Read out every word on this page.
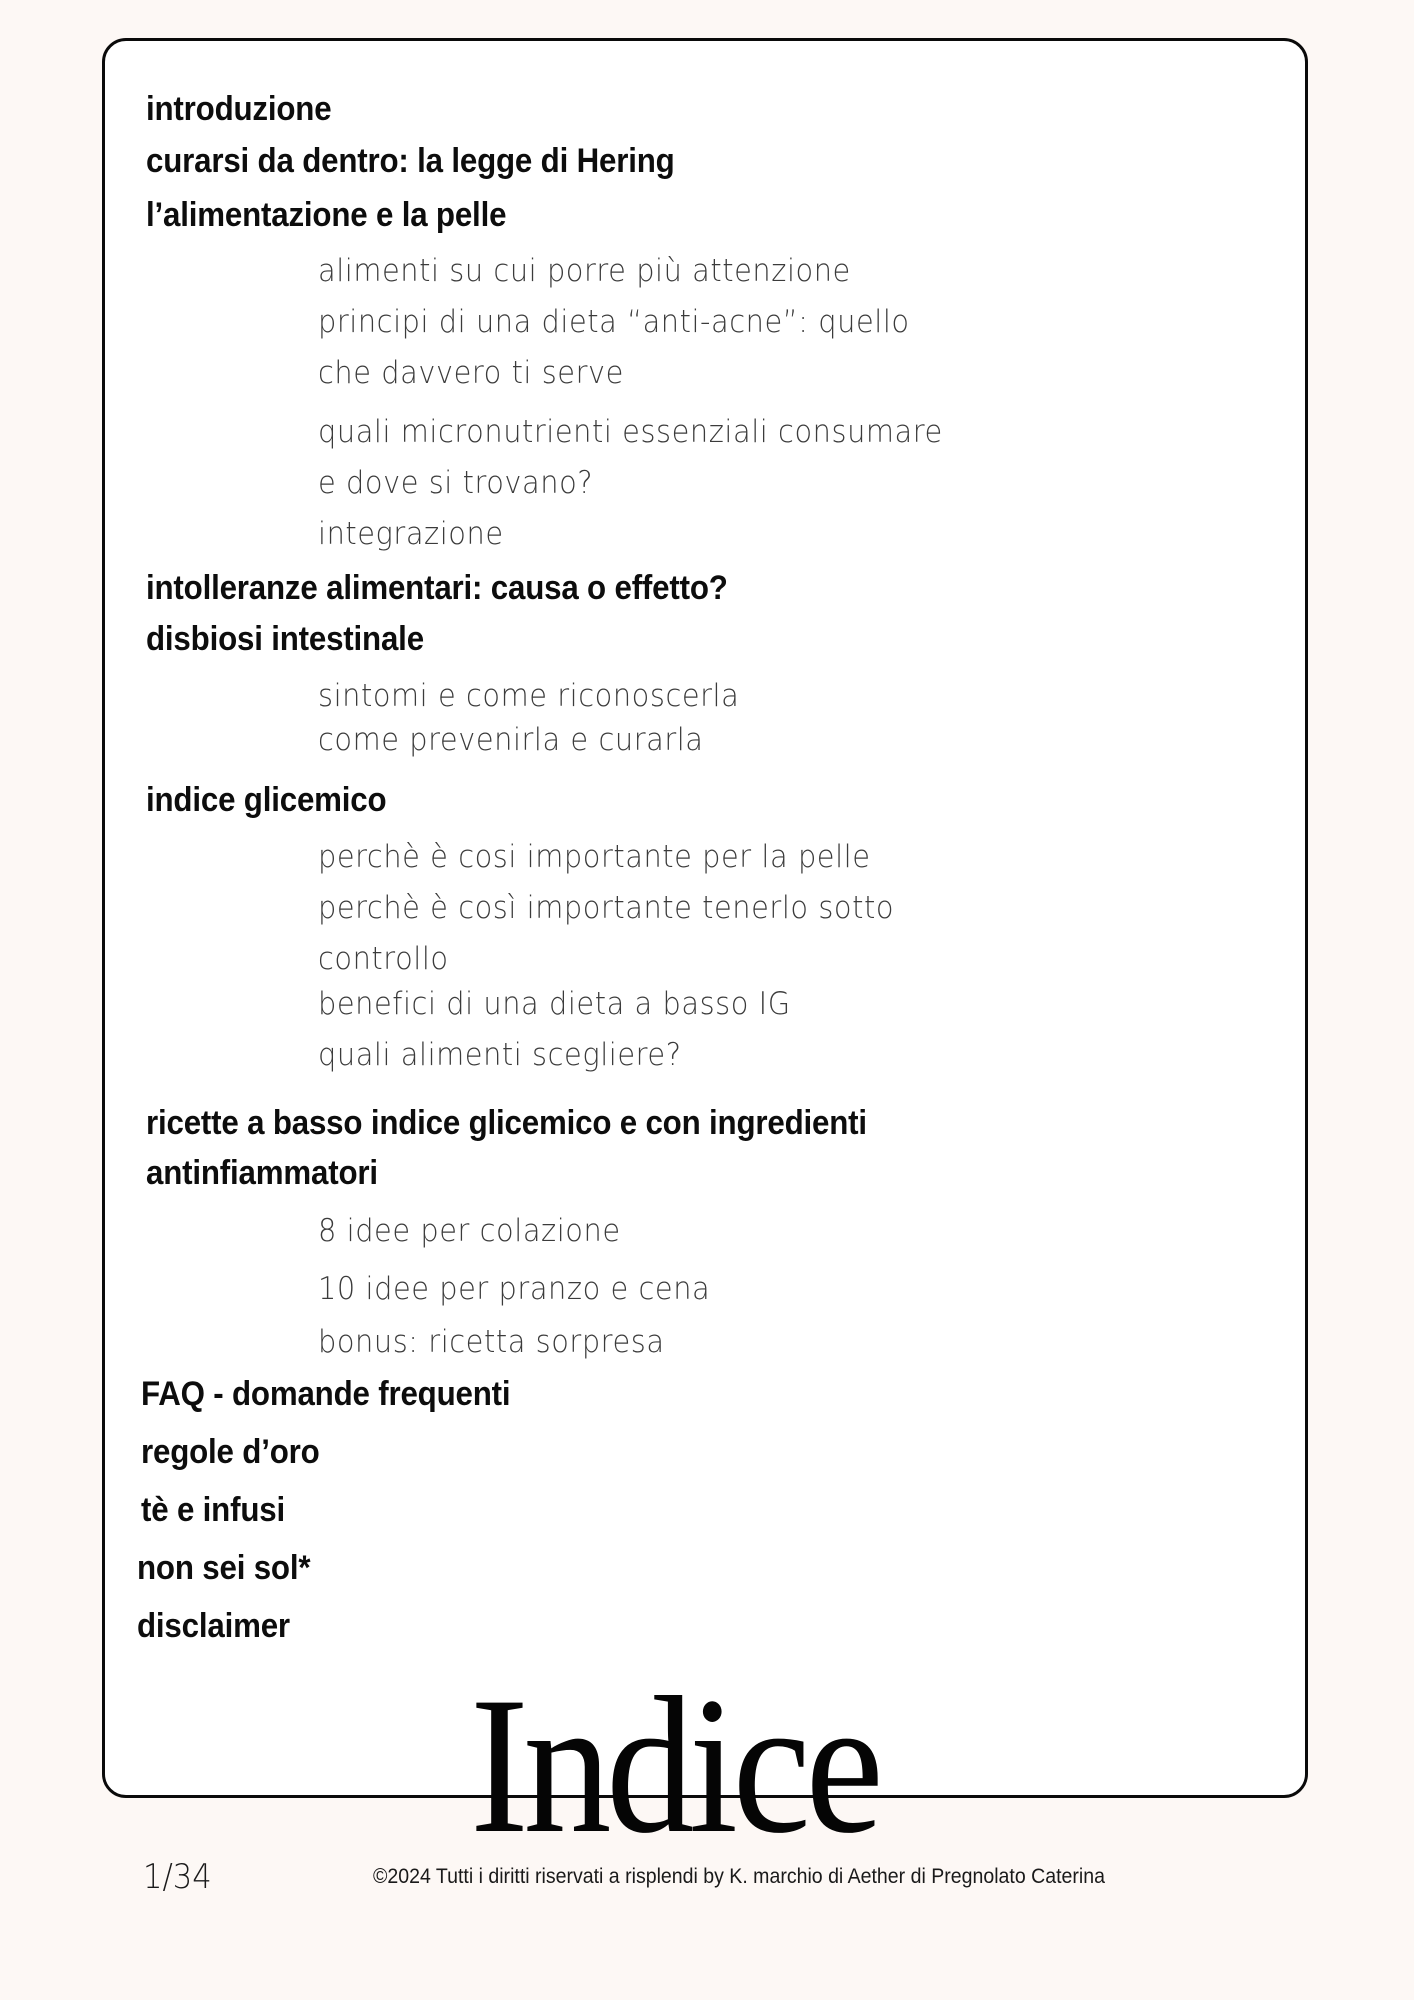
introduzione
curarsi da dentro: la legge di Hering
l’alimentazione e la pelle
alimenti su cui porre più attenzione
principi di una dieta “anti-acne”: quello
che davvero ti serve
quali micronutrienti essenziali consumare
e dove si trovano?
integrazione
intolleranze alimentari: causa o effetto?
disbiosi intestinale
sintomi e come riconoscerla
come prevenirla e curarla
indice glicemico
perchè è cosi importante per la pelle
perchè è così importante tenerlo sotto
controllo
benefici di una dieta a basso IG
quali alimenti scegliere?
ricette a basso indice glicemico e con ingredienti
antinfiammatori
8 idee per colazione
10 idee per pranzo e cena
bonus: ricetta sorpresa
FAQ - domande frequenti
regole d’oro
tè e infusi
non sei sol*
disclaimer
Indice
1/34	©2024 Tutti i diritti riservati a risplendi by K. marchio di Aether di Pregnolato Caterina
